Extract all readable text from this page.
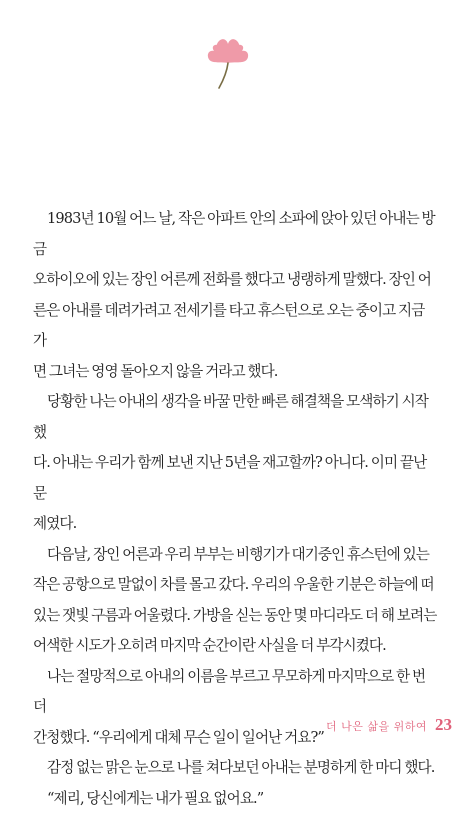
1983년 10월 어느 날, 작은 아파트 안의 소파에 앉아 있던 아내는 방금
오하이오에 있는 장인 어른께 전화를 했다고 냉랭하게 말했다. 장인 어
른은 아내를 데려가려고 전세기를 타고 휴스턴으로 오는 중이고 지금 가
면 그녀는 영영 돌아오지 않을 거라고 했다.

당황한 나는 아내의 생각을 바꿀 만한 빠른 해결책을 모색하기 시작했
다. 아내는 우리가 함께 보낸 지난 5년을 재고할까? 아니다. 이미 끝난 문
제였다.

다음날, 장인 어른과 우리 부부는 비행기가 대기중인 휴스턴에 있는
작은 공항으로 말없이 차를 몰고 갔다. 우리의 우울한 기분은 하늘에 떠
있는 잿빛 구름과 어울렸다. 가방을 싣는 동안 몇 마디라도 더 해 보려는
어색한 시도가 오히려 마지막 순간이란 사실을 더 부각시켰다.

나는 절망적으로 아내의 이름을 부르고 무모하게 마지막으로 한 번 더
간청했다. “우리에게 대체 무슨 일이 일어난 거요?”

감정 없는 맑은 눈으로 나를 쳐다보던 아내는 분명하게 한 마디 했다.

“제리, 당신에게는 내가 필요 없어요.”

더 나은 삶을 위하여 23
